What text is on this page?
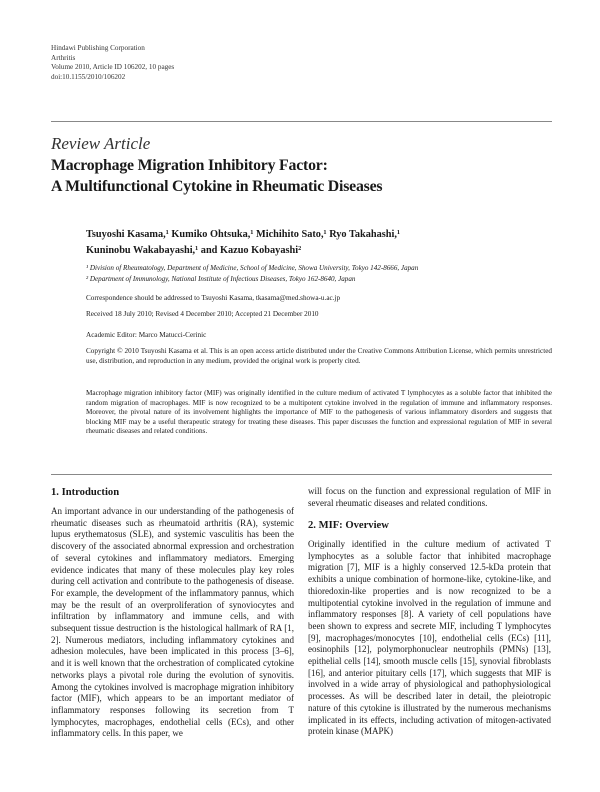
Hindawi Publishing Corporation
Arthritis
Volume 2010, Article ID 106202, 10 pages
doi:10.1155/2010/106202
Review Article
Macrophage Migration Inhibitory Factor:
A Multifunctional Cytokine in Rheumatic Diseases
Tsuyoshi Kasama,¹ Kumiko Ohtsuka,¹ Michihito Sato,¹ Ryo Takahashi,¹
Kuninobu Wakabayashi,¹ and Kazuo Kobayashi²
¹ Division of Rheumatology, Department of Medicine, School of Medicine, Showa University, Tokyo 142-8666, Japan
² Department of Immunology, National Institute of Infectious Diseases, Tokyo 162-8640, Japan
Correspondence should be addressed to Tsuyoshi Kasama, tkasama@med.showa-u.ac.jp
Received 18 July 2010; Revised 4 December 2010; Accepted 21 December 2010
Academic Editor: Marco Matucci-Cerinic
Copyright © 2010 Tsuyoshi Kasama et al. This is an open access article distributed under the Creative Commons Attribution License, which permits unrestricted use, distribution, and reproduction in any medium, provided the original work is properly cited.
Macrophage migration inhibitory factor (MIF) was originally identified in the culture medium of activated T lymphocytes as a soluble factor that inhibited the random migration of macrophages. MIF is now recognized to be a multipotent cytokine involved in the regulation of immune and inflammatory responses. Moreover, the pivotal nature of its involvement highlights the importance of MIF to the pathogenesis of various inflammatory disorders and suggests that blocking MIF may be a useful therapeutic strategy for treating these diseases. This paper discusses the function and expressional regulation of MIF in several rheumatic diseases and related conditions.
1. Introduction

An important advance in our understanding of the pathogenesis of rheumatic diseases such as rheumatoid arthritis (RA), systemic lupus erythematosus (SLE), and systemic vasculitis has been the discovery of the associated abnormal expression and orchestration of several cytokines and inflammatory mediators. Emerging evidence indicates that many of these molecules play key roles during cell activation and contribute to the pathogenesis of disease. For example, the development of the inflammatory pannus, which may be the result of an overproliferation of synoviocytes and infiltration by inflammatory and immune cells, and with subsequent tissue destruction is the histological hallmark of RA [1, 2]. Numerous mediators, including inflammatory cytokines and adhesion molecules, have been implicated in this process [3–6], and it is well known that the orchestration of complicated cytokine networks plays a pivotal role during the evolution of synovitis. Among the cytokines involved is macrophage migration inhibitory factor (MIF), which appears to be an important mediator of inflammatory responses following its secretion from T lymphocytes, macrophages, endothelial cells (ECs), and other inflammatory cells. In this paper, we

will focus on the function and expressional regulation of MIF in several rheumatic diseases and related conditions.

2. MIF: Overview

Originally identified in the culture medium of activated T lymphocytes as a soluble factor that inhibited macrophage migration [7], MIF is a highly conserved 12.5-kDa protein that exhibits a unique combination of hormone-like, cytokine-like, and thioredoxin-like properties and is now recognized to be a multipotential cytokine involved in the regulation of immune and inflammatory responses [8]. A variety of cell populations have been shown to express and secrete MIF, including T lymphocytes [9], macrophages/monocytes [10], endothelial cells (ECs) [11], eosinophils [12], polymorphonuclear neutrophils (PMNs) [13], epithelial cells [14], smooth muscle cells [15], synovial fibroblasts [16], and anterior pituitary cells [17], which suggests that MIF is involved in a wide array of physiological and pathophysiological processes. As will be described later in detail, the pleiotropic nature of this cytokine is illustrated by the numerous mechanisms implicated in its effects, including activation of mitogen-activated protein kinase (MAPK)
